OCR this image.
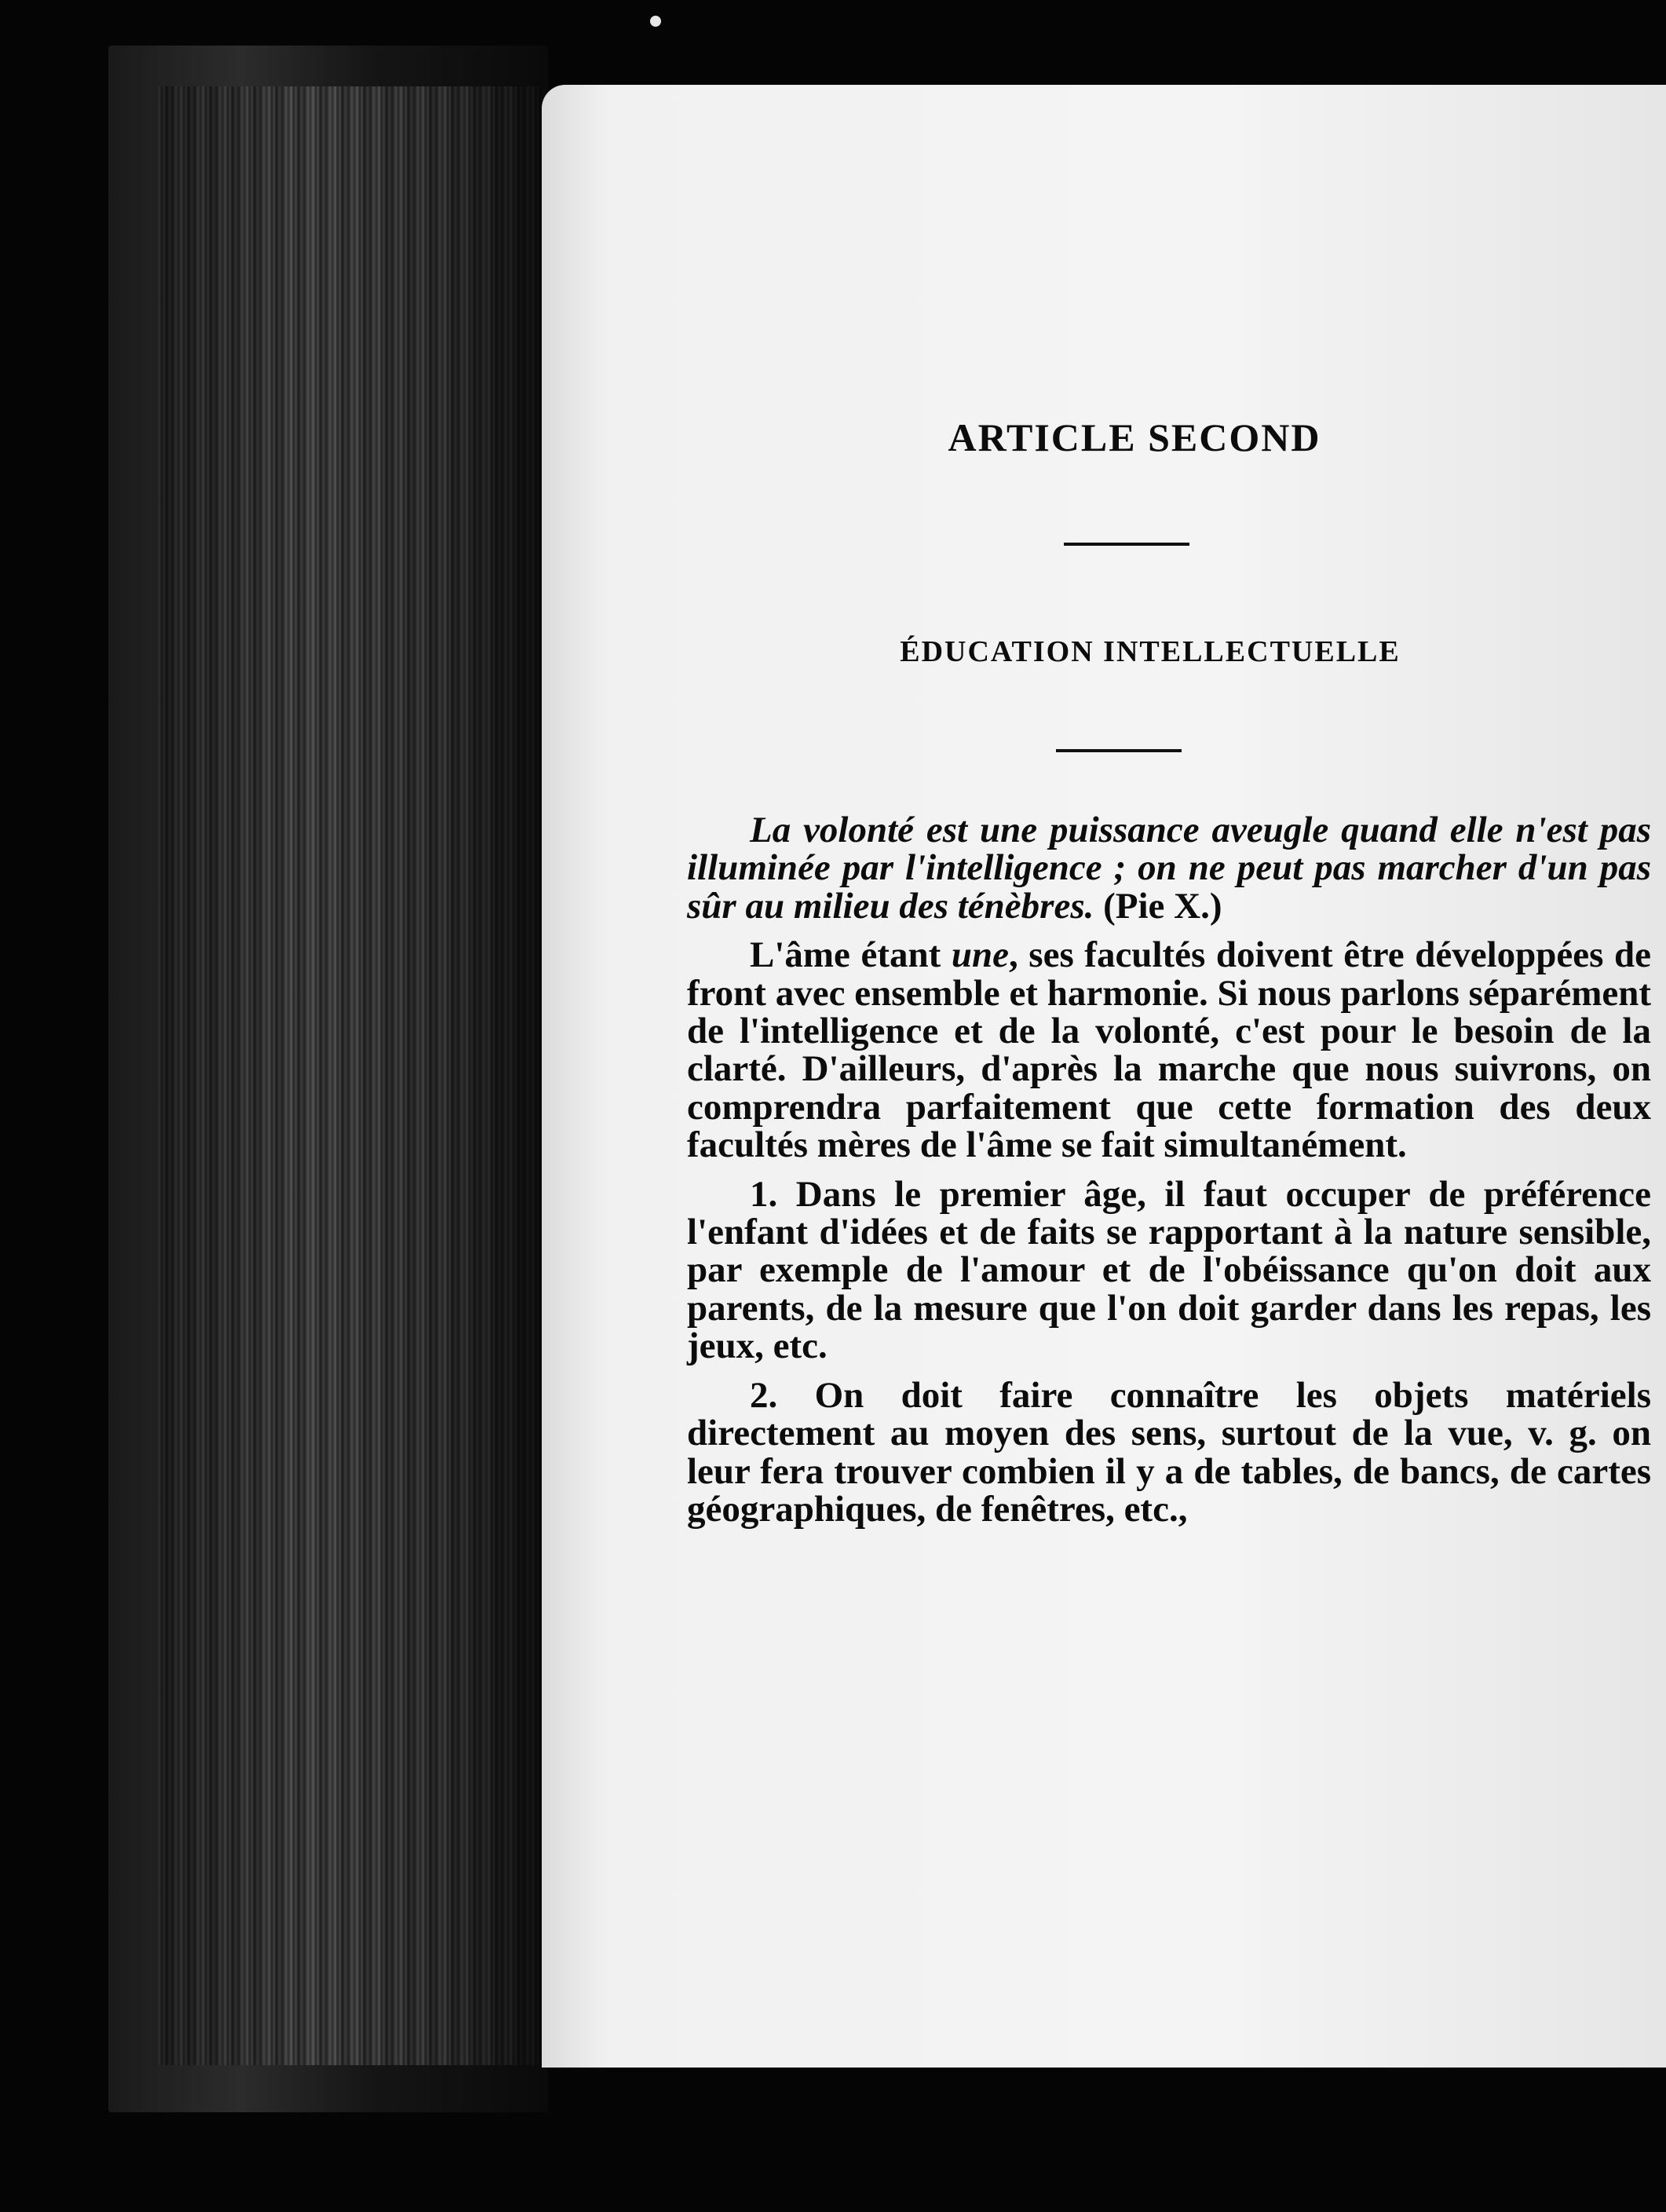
ARTICLE SECOND
ÉDUCATION INTELLECTUELLE

La volonté est une puissance aveugle quand elle n'est pas illuminée par l'intelligence ; on ne peut pas marcher d'un pas sûr au milieu des ténèbres. (Pie X.)

L'âme étant une, ses facultés doivent être développées de front avec ensemble et harmonie. Si nous parlons séparément de l'intelligence et de la volonté, c'est pour le besoin de la clarté. D'ailleurs, d'après la marche que nous suivrons, on comprendra parfaitement que cette formation des deux facultés mères de l'âme se fait simultanément.

1. Dans le premier âge, il faut occuper de préférence l'enfant d'idées et de faits se rapportant à la nature sensible, par exemple de l'amour et de l'obéissance qu'on doit aux parents, de la mesure que l'on doit garder dans les repas, les jeux, etc.

2. On doit faire connaître les objets matériels directement au moyen des sens, surtout de la vue, v. g. on leur fera trouver combien il y a de tables, de bancs, de cartes géographiques, de fenêtres, etc.,
